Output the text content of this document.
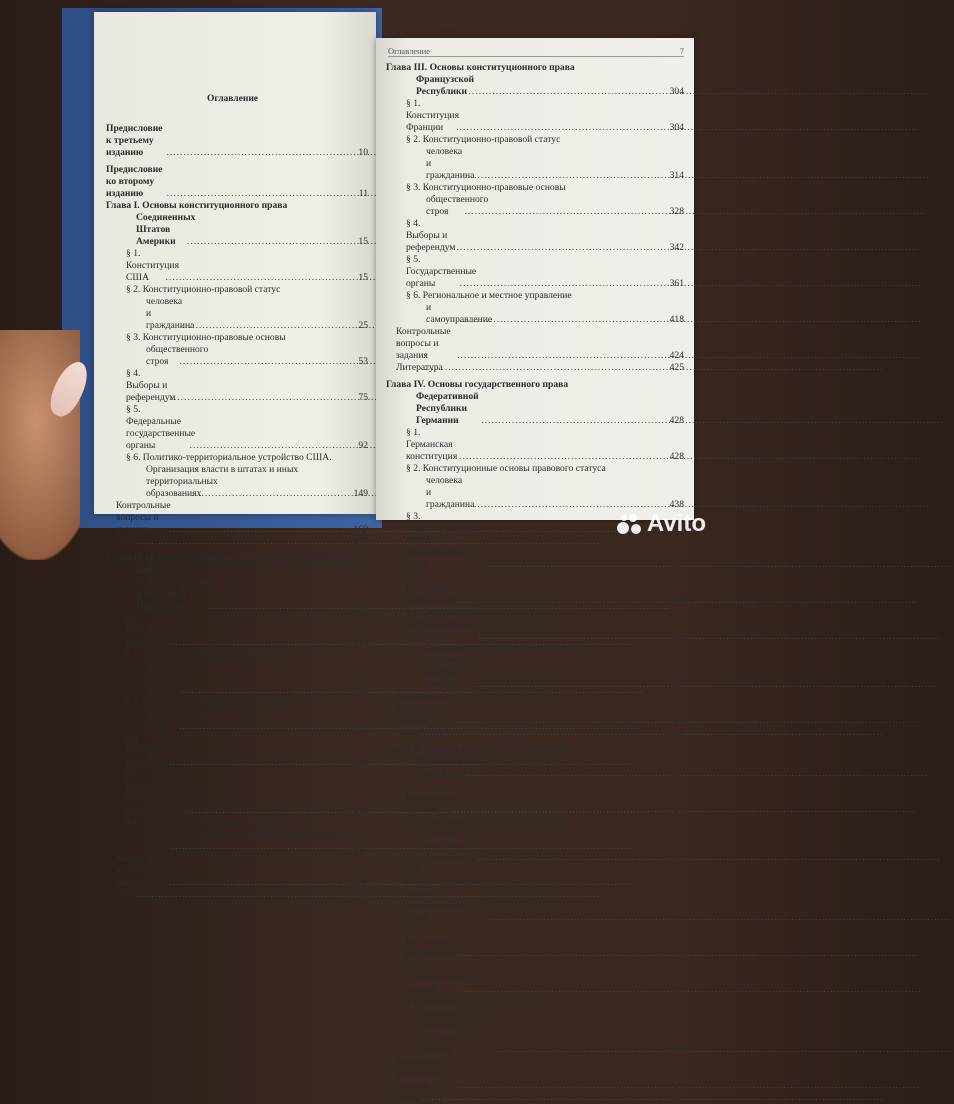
Оглавление
Предисловие к третьему изданию .....	10
Предисловие ко второму изданию .....	11
Глава I. Основы конституционного права
Соединенных Штатов Америки .....	15
§ 1. Конституция США .....	15
§ 2. Конституционно-правовой статус
человека и гражданина .....	25
§ 3. Конституционно-правовые основы
общественного строя .....	53
§ 4. Выборы и референдум .....	75
§ 5. Федеральные государственные органы .....	92
§ 6. Политико-территориальное устройство США.
Организация власти в штатах и иных
территориальных образованиях .....	149
Контрольные вопросы и задания .....	169
Литература .....	170
Глава II. Основы конституционного права Соединенного
Королевства Великобритании и Северной Ирландии .....	173
§ 1. Британская конституция .....	173
§ 2. Конституционно-правовой статус
человека и гражданина .....	181
§ 3. Конституционно-правовые основы
общественного строя .....	199
§ 4. Выборы и референдум .....	216
§ 5. Центральные государственные органы .....	235
§ 6. Политико-территориальное устройство.
Региональные государственные органы и местное
самоуправление .....	277
Контрольные вопросы и задания .....	299
Литература .....	300
Оглавление	7
Глава III. Основы конституционного права
Французской Республики .....	304
§ 1. Конституция Франции .....	304
§ 2. Конституционно-правовой статус
человека и гражданина .....	314
§ 3. Конституционно-правовые основы
общественного строя .....	328
§ 4. Выборы и референдум .....	342
§ 5. Государственные органы .....	361
§ 6. Региональное и местное управление
и самоуправление .....	418
Контрольные вопросы и задания .....	424
Литература .....	425
Глава IV. Основы государственного права
Федеративной Республики Германии .....	428
§ 1. Германская конституция .....	428
§ 2. Конституционные основы правового статуса
человека и гражданина .....	438
§ 3. Конституционные основы общественного строя .....	457
§ 4. Выборы и референдум .....	468
§ 5. Федеральные государственные органы .....	476
§ 6. Политико-территориальное устройство.
Публичная власть в землях .....	509
Контрольные вопросы и задания .....	521
Литература .....	522
Глава V. Основы конституционного права
Итальянской Республики .....	525
§ 1. Конституция Италии .....	525
§ 2. Конституционно-правовые основы
статуса человека и гражданина .....	539
§ 3. Конституционные основы общественного строя .....	566
§ 4. Выборы и референдум .....	576
§ 5. Государственные органы .....	583
§ 6. Территориальное устройство,
региональная и местная публичная власть .....	608
Контрольные вопросы и задания .....	624
Литература .....	625
Avito
